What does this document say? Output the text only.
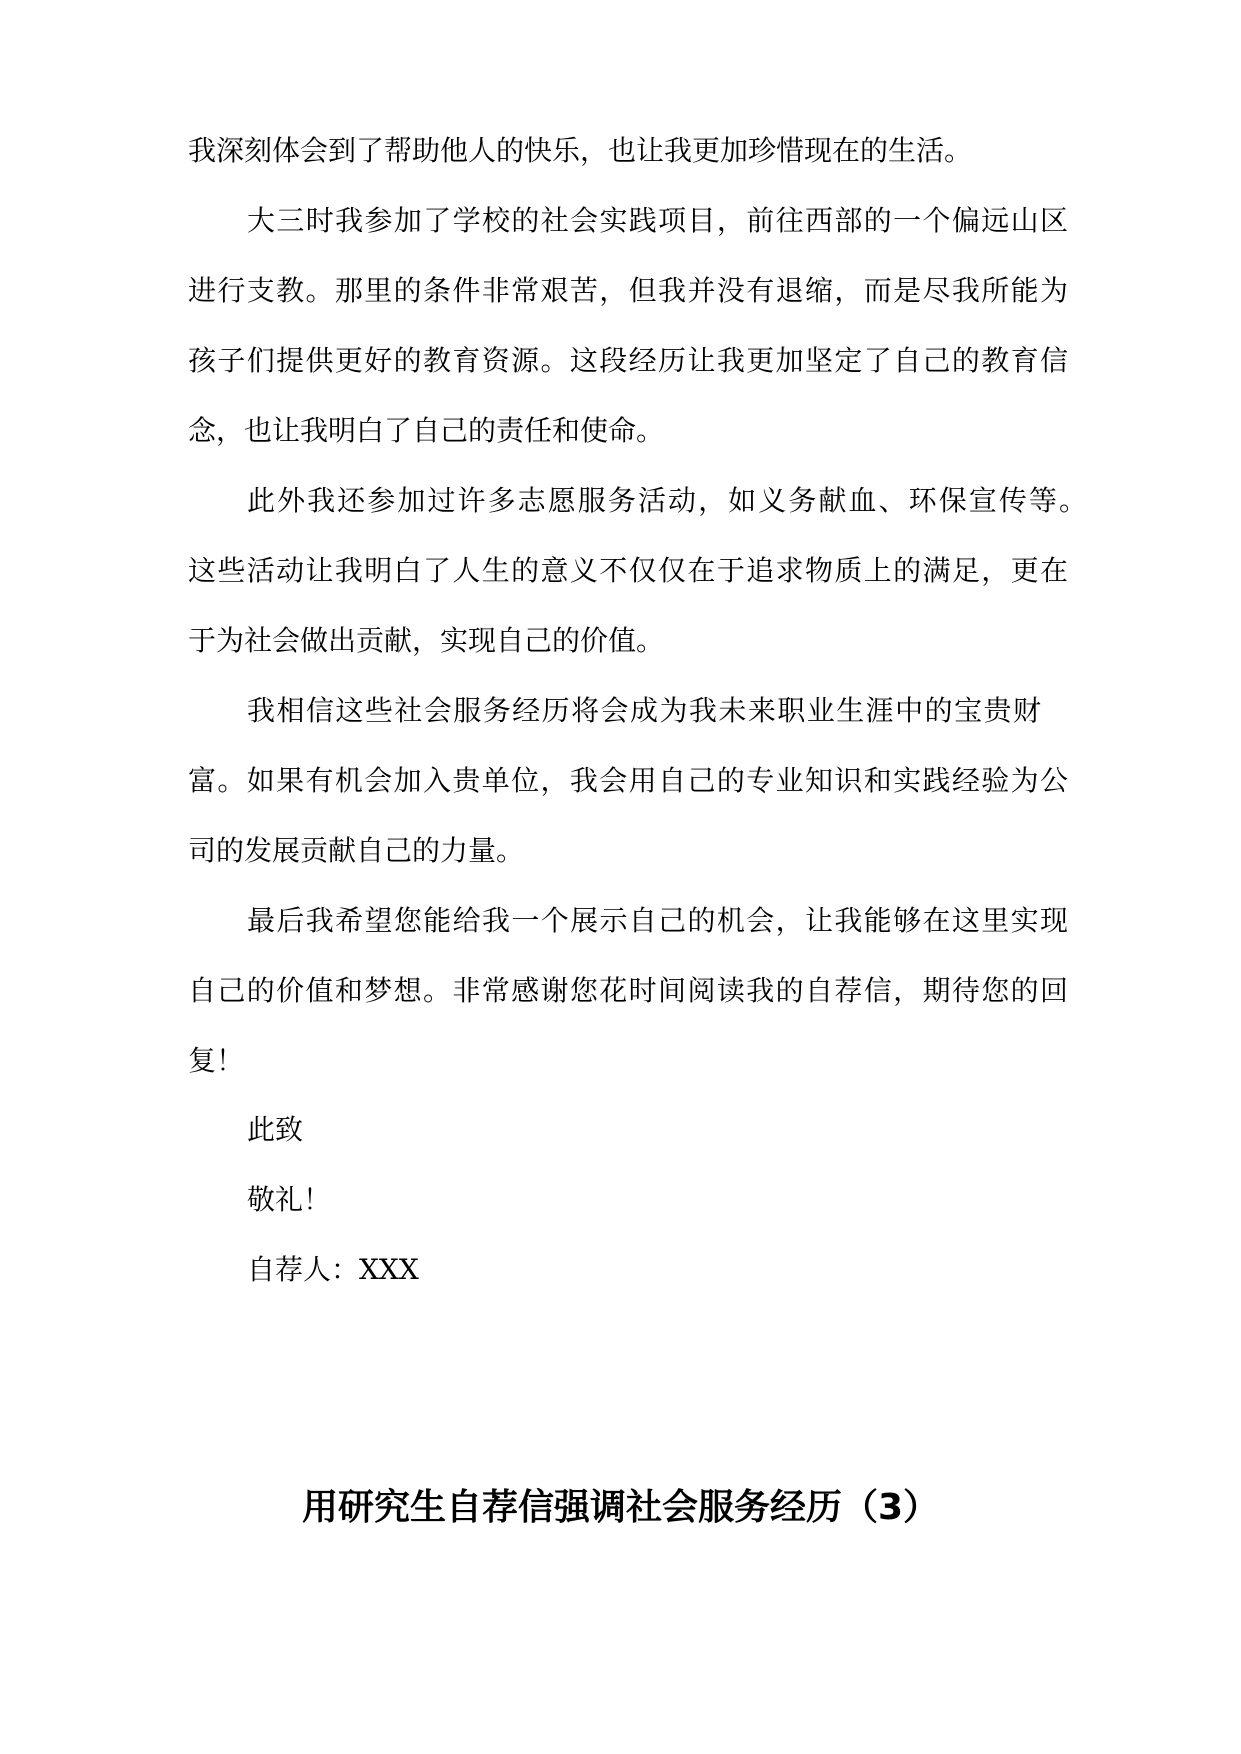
我深刻体会到了帮助他人的快乐，也让我更加珍惜现在的生活。
大三时我参加了学校的社会实践项目，前往西部的一个偏远山区
进行支教。那里的条件非常艰苦，但我并没有退缩，而是尽我所能为
孩子们提供更好的教育资源。这段经历让我更加坚定了自己的教育信
念，也让我明白了自己的责任和使命。
此外我还参加过许多志愿服务活动，如义务献血、环保宣传等。
这些活动让我明白了人生的意义不仅仅在于追求物质上的满足，更在
于为社会做出贡献，实现自己的价值。
我相信这些社会服务经历将会成为我未来职业生涯中的宝贵财
富。如果有机会加入贵单位，我会用自己的专业知识和实践经验为公
司的发展贡献自己的力量。
最后我希望您能给我一个展示自己的机会，让我能够在这里实现
自己的价值和梦想。非常感谢您花时间阅读我的自荐信，期待您的回
复！
此致
敬礼！
自荐人：XXX
用研究生自荐信强调社会服务经历（3）
